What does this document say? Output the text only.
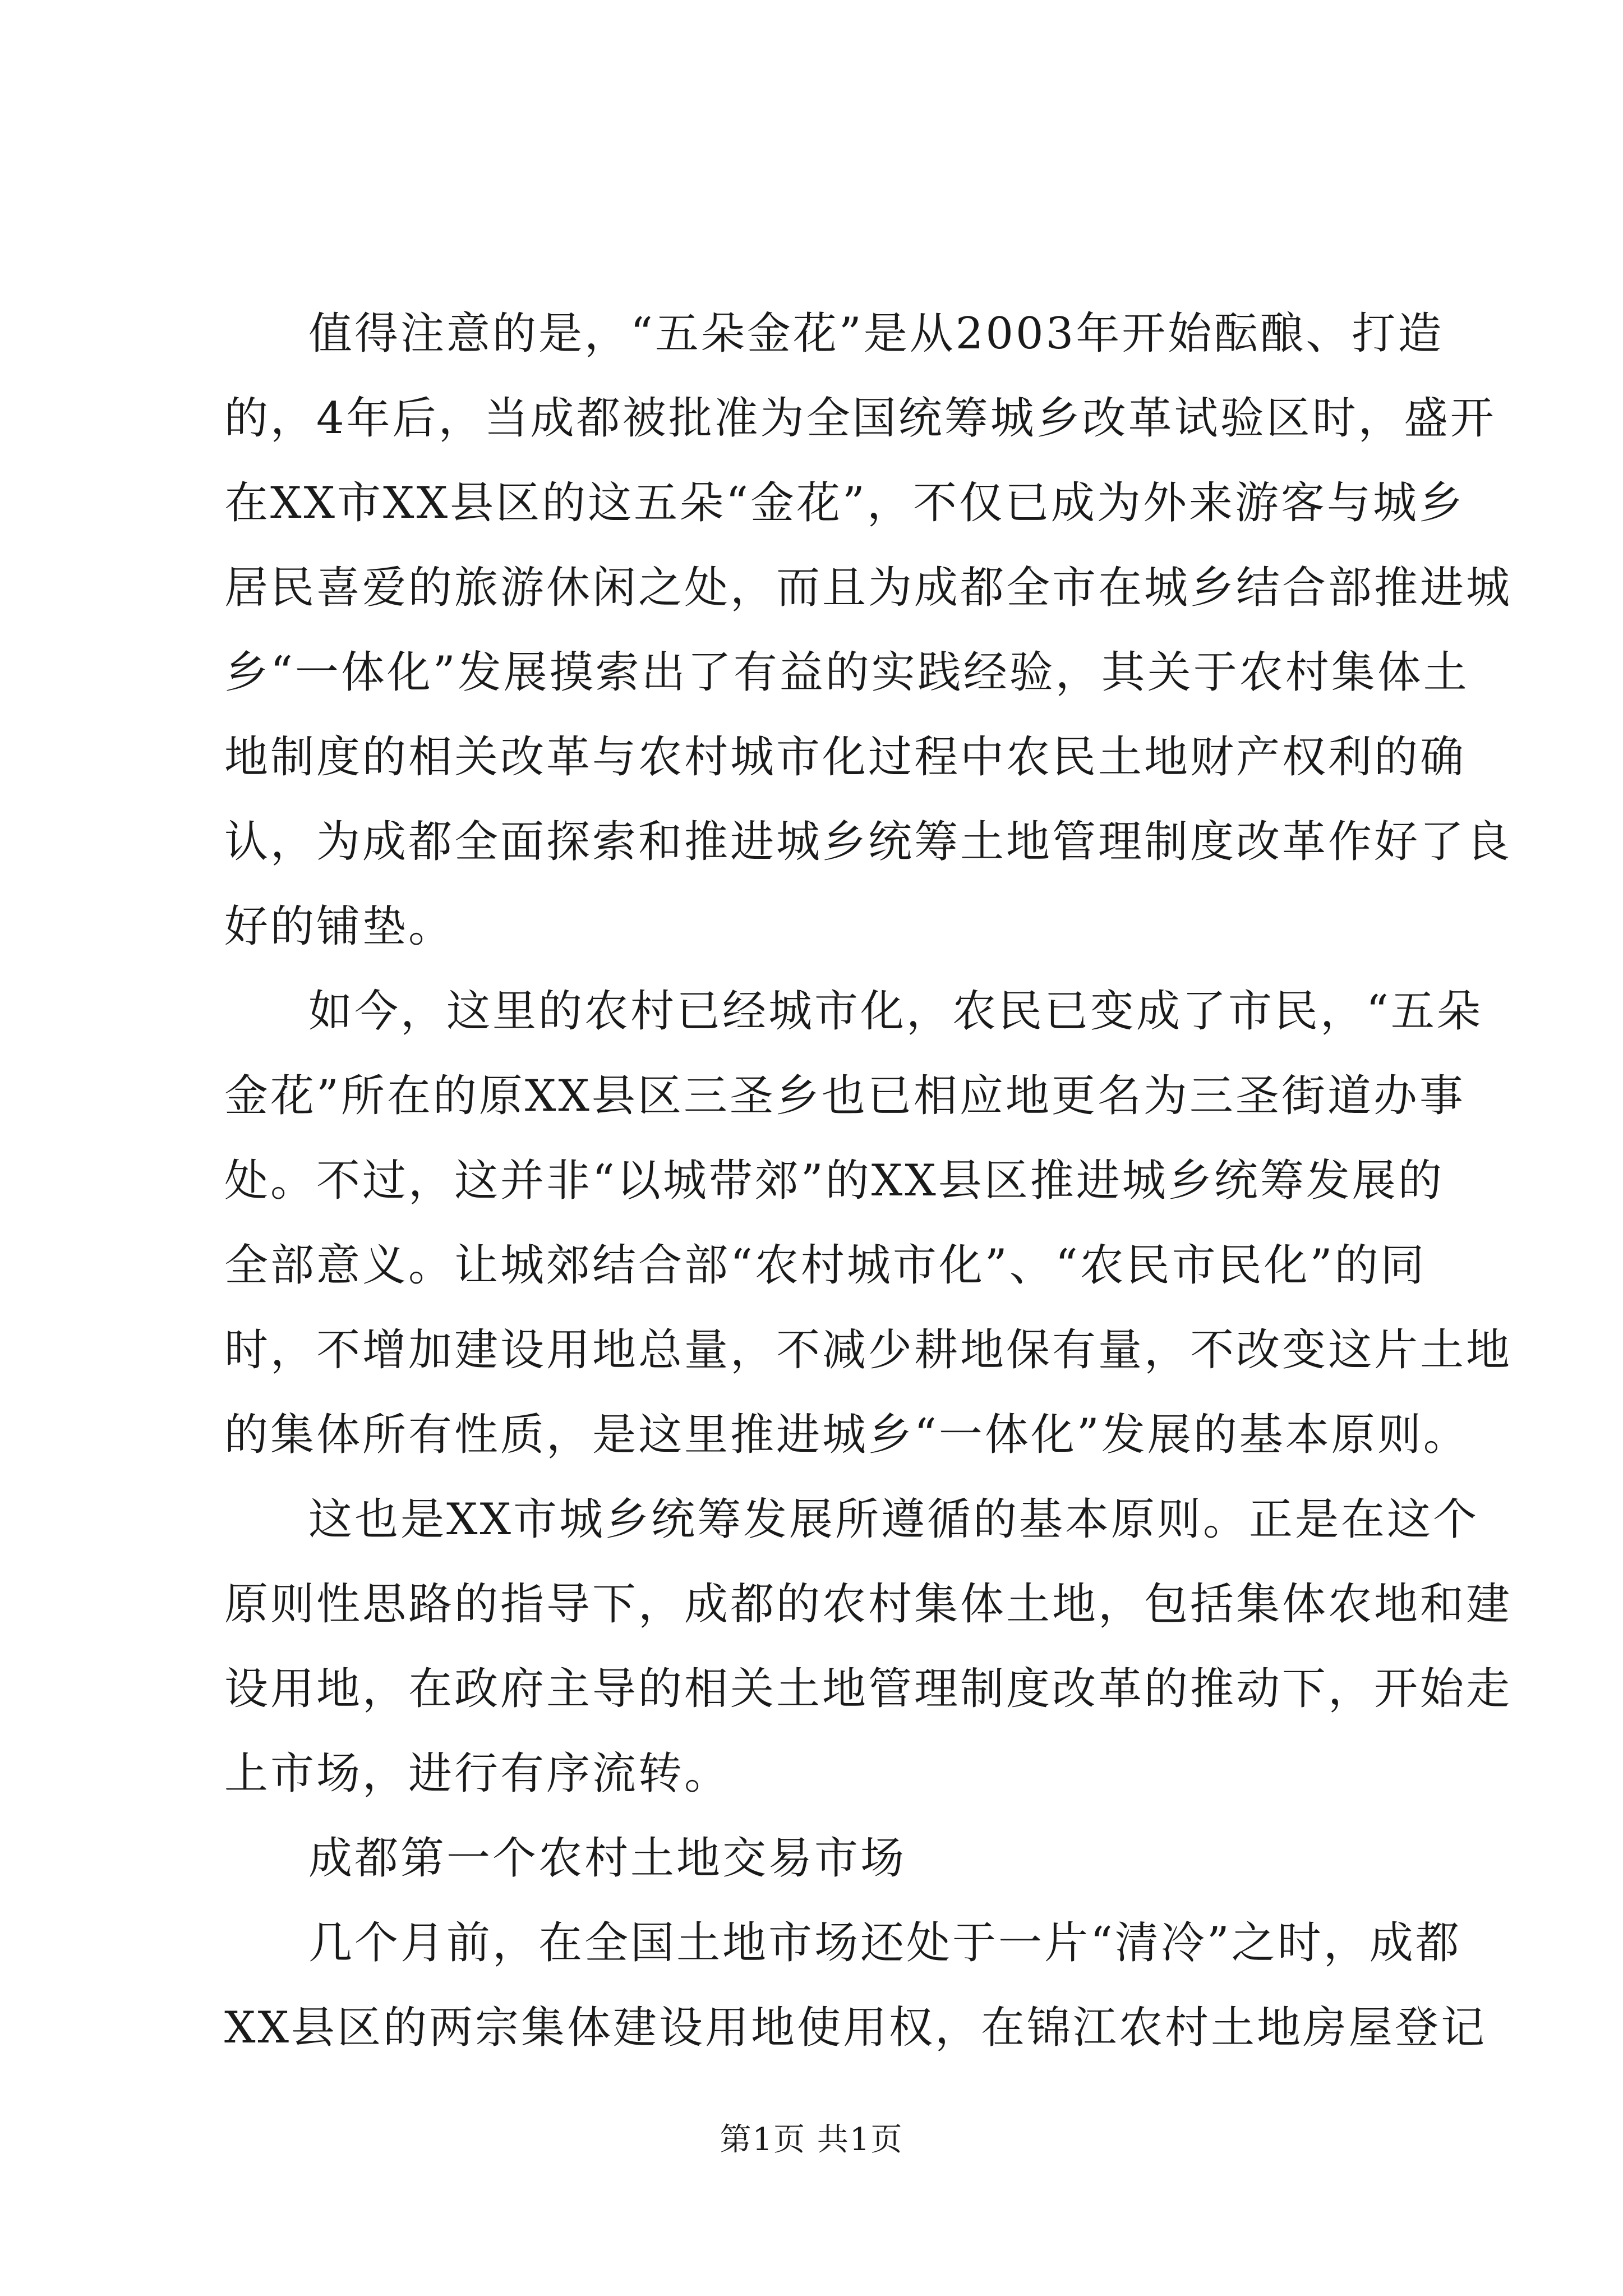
值得注意的是，“五朵金花”是从2003年开始酝酿、打造
的，4年后，当成都被批准为全国统筹城乡改革试验区时，盛开
在XX市XX县区的这五朵“金花”，不仅已成为外来游客与城乡
居民喜爱的旅游休闲之处，而且为成都全市在城乡结合部推进城
乡“一体化”发展摸索出了有益的实践经验，其关于农村集体土
地制度的相关改革与农村城市化过程中农民土地财产权利的确
认，为成都全面探索和推进城乡统筹土地管理制度改革作好了良
好的铺垫。
如今，这里的农村已经城市化，农民已变成了市民，“五朵
金花”所在的原XX县区三圣乡也已相应地更名为三圣街道办事
处。不过，这并非“以城带郊”的XX县区推进城乡统筹发展的
全部意义。让城郊结合部“农村城市化”、“农民市民化”的同
时，不增加建设用地总量，不减少耕地保有量，不改变这片土地
的集体所有性质，是这里推进城乡“一体化”发展的基本原则。
这也是XX市城乡统筹发展所遵循的基本原则。正是在这个
原则性思路的指导下，成都的农村集体土地，包括集体农地和建
设用地，在政府主导的相关土地管理制度改革的推动下，开始走
上市场，进行有序流转。
成都第一个农村土地交易市场
几个月前，在全国土地市场还处于一片“清冷”之时，成都
XX县区的两宗集体建设用地使用权，在锦江农村土地房屋登记
第1页 共1页
